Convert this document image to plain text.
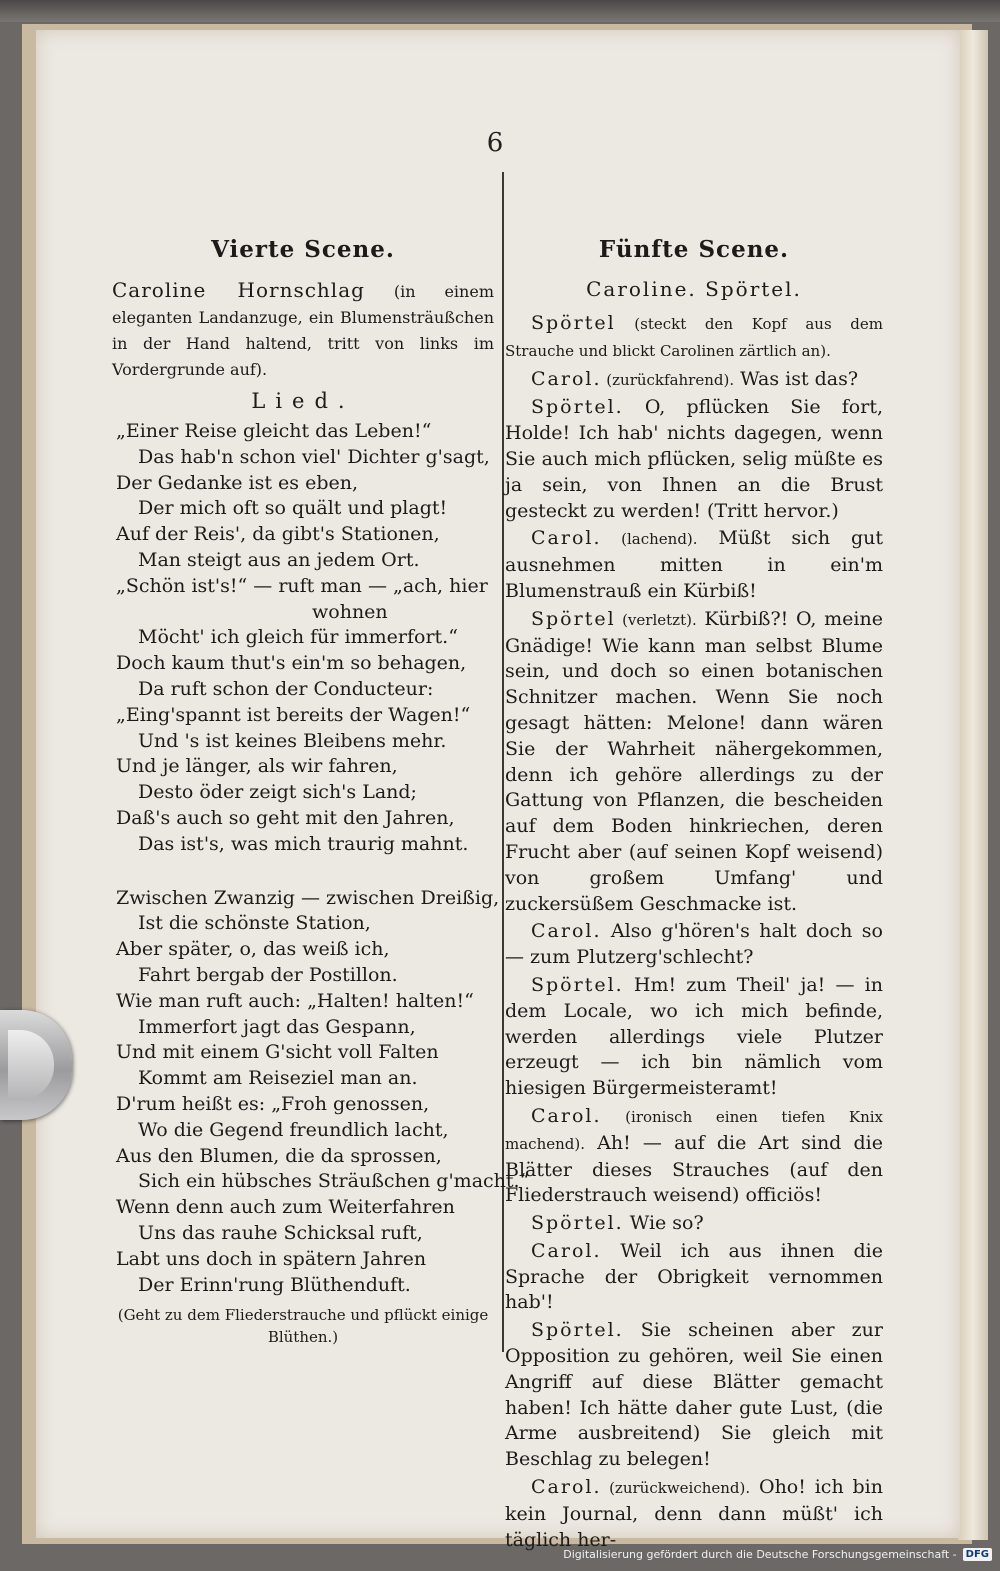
6
Vierte Scene.
Caroline Hornschlag (in einem eleganten Landanzuge, ein Blumensträußchen in der Hand haltend, tritt von links im Vordergrunde auf).
Lied.
„Einer Reise gleicht das Leben!“
Das hab'n schon viel' Dichter g'sagt,
Der Gedanke ist es eben,
Der mich oft so quält und plagt!
Auf der Reis', da gibt's Stationen,
Man steigt aus an jedem Ort.
„Schön ist's!“ — ruft man — „ach, hier
wohnen
Möcht' ich gleich für immerfort.“
Doch kaum thut's ein'm so behagen,
Da ruft schon der Conducteur:
„Eing'spannt ist bereits der Wagen!“
Und 's ist keines Bleibens mehr.
Und je länger, als wir fahren,
Desto öder zeigt sich's Land;
Daß's auch so geht mit den Jahren,
Das ist's, was mich traurig mahnt.
Zwischen Zwanzig — zwischen Dreißig,
Ist die schönste Station,
Aber später, o, das weiß ich,
Fahrt bergab der Postillon.
Wie man ruft auch: „Halten! halten!“
Immerfort jagt das Gespann,
Und mit einem G'sicht voll Falten
Kommt am Reiseziel man an.
D'rum heißt es: „Froh genossen,
Wo die Gegend freundlich lacht,
Aus den Blumen, die da sprossen,
Sich ein hübsches Sträußchen g'macht.“
Wenn denn auch zum Weiterfahren
Uns das rauhe Schicksal ruft,
Labt uns doch in spätern Jahren
Der Erinn'rung Blüthenduft.
(Geht zu dem Fliederstrauche und pflückt einige Blüthen.)
Fünfte Scene.
Caroline. Spörtel.
Spörtel (steckt den Kopf aus dem Strauche und blickt Carolinen zärtlich an).
Carol. (zurückfahrend). Was ist das?
Spörtel. O, pflücken Sie fort, Holde! Ich hab' nichts dagegen, wenn Sie auch mich pflücken, selig müßte es ja sein, von Ihnen an die Brust gesteckt zu werden! (Tritt hervor.)
Carol. (lachend). Müßt sich gut ausnehmen mitten in ein'm Blumenstrauß ein Kürbiß!
Spörtel (verletzt). Kürbiß?! O, meine Gnädige! Wie kann man selbst Blume sein, und doch so einen botanischen Schnitzer machen. Wenn Sie noch gesagt hätten: Melone! dann wären Sie der Wahrheit nähergekommen, denn ich gehöre allerdings zu der Gattung von Pflanzen, die bescheiden auf dem Boden hinkriechen, deren Frucht aber (auf seinen Kopf weisend) von großem Umfang' und zuckersüßem Geschmacke ist.
Carol. Also g'hören's halt doch so — zum Plutzerg'schlecht?
Spörtel. Hm! zum Theil' ja! — in dem Locale, wo ich mich befinde, werden allerdings viele Plutzer erzeugt — ich bin nämlich vom hiesigen Bürgermeisteramt!
Carol. (ironisch einen tiefen Knix machend). Ah! — auf die Art sind die Blätter dieses Strauches (auf den Fliederstrauch weisend) officiös!
Spörtel. Wie so?
Carol. Weil ich aus ihnen die Sprache der Obrigkeit vernommen hab'!
Spörtel. Sie scheinen aber zur Opposition zu gehören, weil Sie einen Angriff auf diese Blätter gemacht haben! Ich hätte daher gute Lust, (die Arme ausbreitend) Sie gleich mit Beschlag zu belegen!
Carol. (zurückweichend). Oho! ich bin kein Journal, denn dann müßt' ich täglich her-
Digitalisierung gefördert durch die Deutsche Forschungsgemeinschaft - DFG
